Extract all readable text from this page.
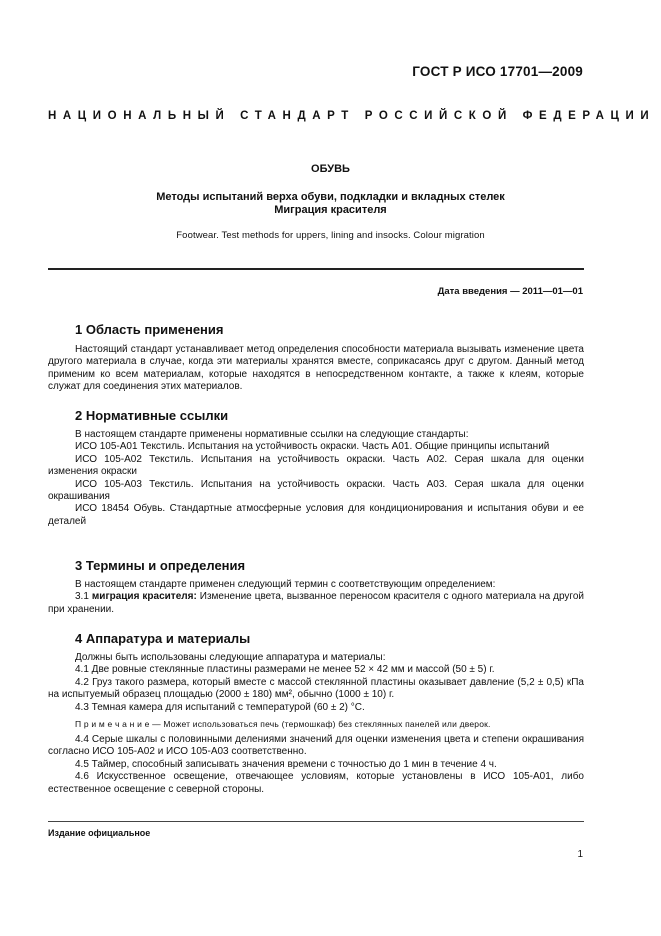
ГОСТ Р ИСО 17701—2009
НАЦИОНАЛЬНЫЙ СТАНДАРТ РОССИЙСКОЙ ФЕДЕРАЦИИ
ОБУВЬ
Методы испытаний верха обуви, подкладки и вкладных стелек
Миграция красителя
Footwear. Test methods for uppers, lining and insocks. Colour migration
Дата введения — 2011—01—01

1 Область применения

Настоящий стандарт устанавливает метод определения способности материала вызывать изменение цвета другого материала в случае, когда эти материалы хранятся вместе, соприкасаясь друг с другом. Данный метод применим ко всем материалам, которые находятся в непосредственном контакте, а также к клеям, которые служат для соединения этих материалов.

2 Нормативные ссылки

В настоящем стандарте применены нормативные ссылки на следующие стандарты:

ИСО 105-А01 Текстиль. Испытания на устойчивость окраски. Часть А01. Общие принципы испытаний

ИСО 105-А02 Текстиль. Испытания на устойчивость окраски. Часть А02. Серая шкала для оценки изменения окраски

ИСО 105-А03 Текстиль. Испытания на устойчивость окраски. Часть А03. Серая шкала для оценки окрашивания

ИСО 18454 Обувь. Стандартные атмосферные условия для кондиционирования и испытания обуви и ее деталей

3 Термины и определения

В настоящем стандарте применен следующий термин с соответствующим определением:

3.1 миграция красителя: Изменение цвета, вызванное переносом красителя с одного материала на другой при хранении.

4 Аппаратура и материалы

Должны быть использованы следующие аппаратура и материалы:

4.1 Две ровные стеклянные пластины размерами не менее 52 × 42 мм и массой (50 ± 5) г.

4.2 Груз такого размера, который вместе с массой стеклянной пластины оказывает давление (5,2 ± 0,5) кПа на испытуемый образец площадью (2000 ± 180) мм², обычно (1000 ± 10) г.

4.3 Темная камера для испытаний с температурой (60 ± 2) °С.

П р и м е ч а н и е — Может использоваться печь (термошкаф) без стеклянных панелей или дверок.

4.4 Серые шкалы с половинными делениями значений для оценки изменения цвета и степени окрашивания согласно ИСО 105-А02 и ИСО 105-А03 соответственно.

4.5 Таймер, способный записывать значения времени с точностью до 1 мин в течение 4 ч.

4.6 Искусственное освещение, отвечающее условиям, которые установлены в ИСО 105-А01, либо естественное освещение с северной стороны.

Издание официальное
1
